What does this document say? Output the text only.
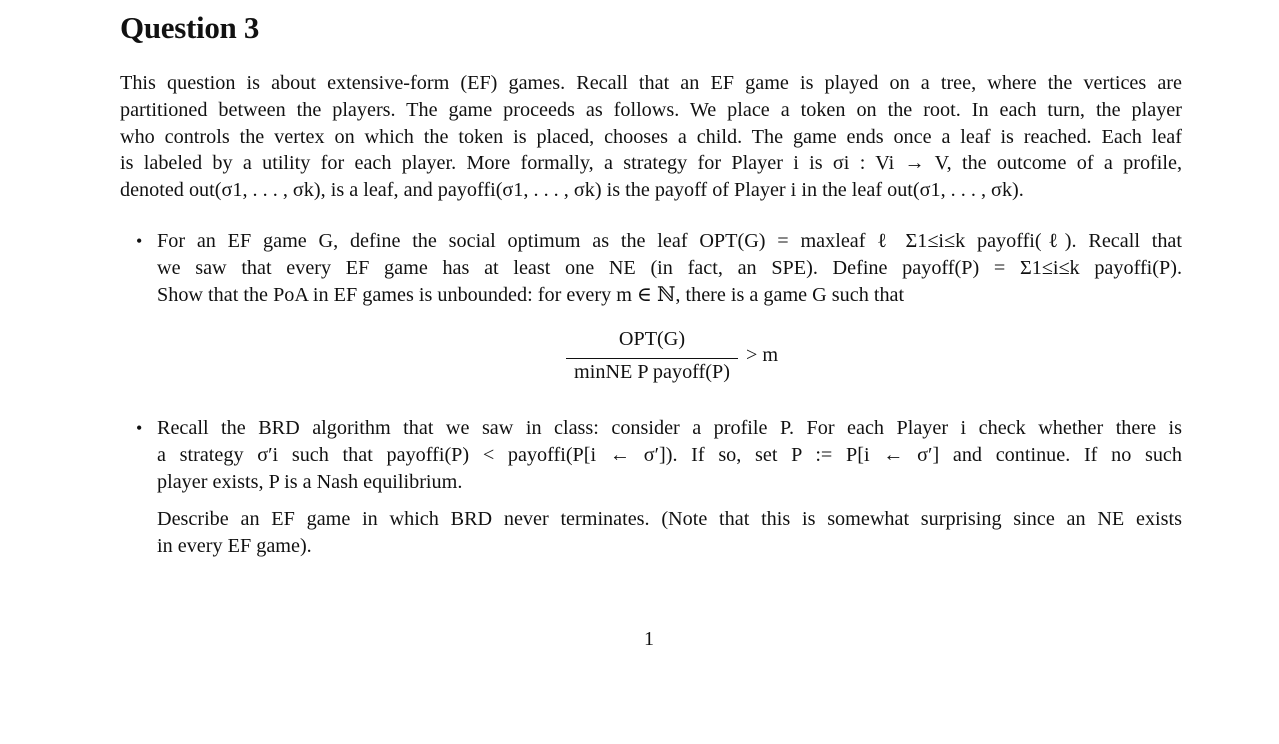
Question 3
This question is about extensive-form (EF) games. Recall that an EF game is played on a tree, where the vertices are
partitioned between the players. The game proceeds as follows. We place a token on the root. In each turn, the player
who controls the vertex on which the token is placed, chooses a child. The game ends once a leaf is reached. Each leaf
is labeled by a utility for each player. More formally, a strategy for Player i is σi : Vi → V, the outcome of a profile,
denoted out(σ1, . . . , σk), is a leaf, and payoffi(σ1, . . . , σk) is the payoff of Player i in the leaf out(σ1, . . . , σk).
• For an EF game G, define the social optimum as the leaf OPT(G) = maxleaf ℓ Σ1≤i≤k payoffi(ℓ). Recall that
we saw that every EF game has at least one NE (in fact, an SPE). Define payoff(P) = Σ1≤i≤k payoffi(P).
Show that the PoA in EF games is unbounded: for every m ∈ ℕ, there is a game G such that
OPT(G)
minNE P payoff(P)
> m
• Recall the BRD algorithm that we saw in class: consider a profile P. For each Player i check whether there is
a strategy σ′i such that payoffi(P) < payoffi(P[i ← σ′]). If so, set P := P[i ← σ′] and continue. If no such
player exists, P is a Nash equilibrium.
Describe an EF game in which BRD never terminates. (Note that this is somewhat surprising since an NE exists
in every EF game).
1
